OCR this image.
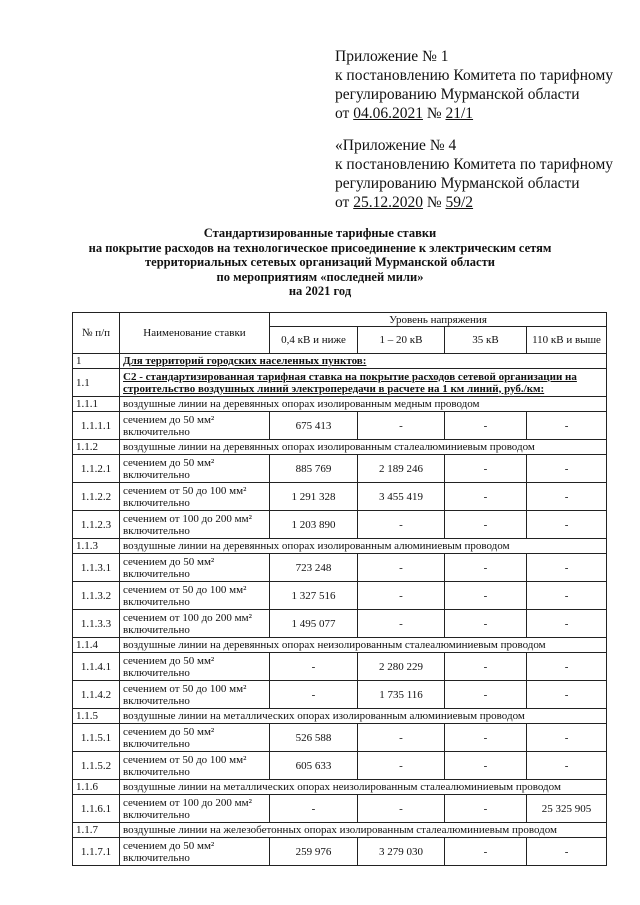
Приложение № 1
к постановлению Комитета по тарифному
регулированию Мурманской области
от 04.06.2021 № 21/1
«Приложение № 4
к постановлению Комитета по тарифному
регулированию Мурманской области
от 25.12.2020 № 59/2
Стандартизированные тарифные ставки
на покрытие расходов на технологическое присоединение к электрическим сетям
территориальных сетевых организаций Мурманской области
по мероприятиям «последней мили»
на 2021 год
№ п/п	Наименование ставки	Уровень напряжения			
		0,4 кВ и ниже	1 – 20 кВ	35 кВ	110 кВ и выше
1	Для территорий городских населенных пунктов:				
1.1	С2 - стандартизированная тарифная ставка на покрытие расходов сетевой организации на строительство воздушных линий электропередачи в расчете на 1 км линий, руб./км:				
1.1.1	воздушные линии на деревянных опорах изолированным медным проводом				
1.1.1.1	сечением до 50 мм² включительно	675 413	-	-	-
1.1.2	воздушные линии на деревянных опорах изолированным сталеалюминиевым проводом				
1.1.2.1	сечением до 50 мм² включительно	885 769	2 189 246	-	-
1.1.2.2	сечением от 50 до 100 мм² включительно	1 291 328	3 455 419	-	-
1.1.2.3	сечением от 100 до 200 мм² включительно	1 203 890	-	-	-
1.1.3	воздушные линии на деревянных опорах изолированным алюминиевым проводом				
1.1.3.1	сечением до 50 мм² включительно	723 248	-	-	-
1.1.3.2	сечением от 50 до 100 мм² включительно	1 327 516	-	-	-
1.1.3.3	сечением от 100 до 200 мм² включительно	1 495 077	-	-	-
1.1.4	воздушные линии на деревянных опорах неизолированным сталеалюминиевым проводом				
1.1.4.1	сечением до 50 мм² включительно	-	2 280 229	-	-
1.1.4.2	сечением от 50 до 100 мм² включительно	-	1 735 116	-	-
1.1.5	воздушные линии на металлических опорах изолированным алюминиевым проводом				
1.1.5.1	сечением до 50 мм² включительно	526 588	-	-	-
1.1.5.2	сечением от 50 до 100 мм² включительно	605 633	-	-	-
1.1.6	воздушные линии на металлических опорах неизолированным сталеалюминиевым проводом				
1.1.6.1	сечением от 100 до 200 мм² включительно	-	-	-	25 325 905
1.1.7	воздушные линии на железобетонных опорах изолированным сталеалюминиевым проводом				
1.1.7.1	сечением до 50 мм² включительно	259 976	3 279 030	-	-
